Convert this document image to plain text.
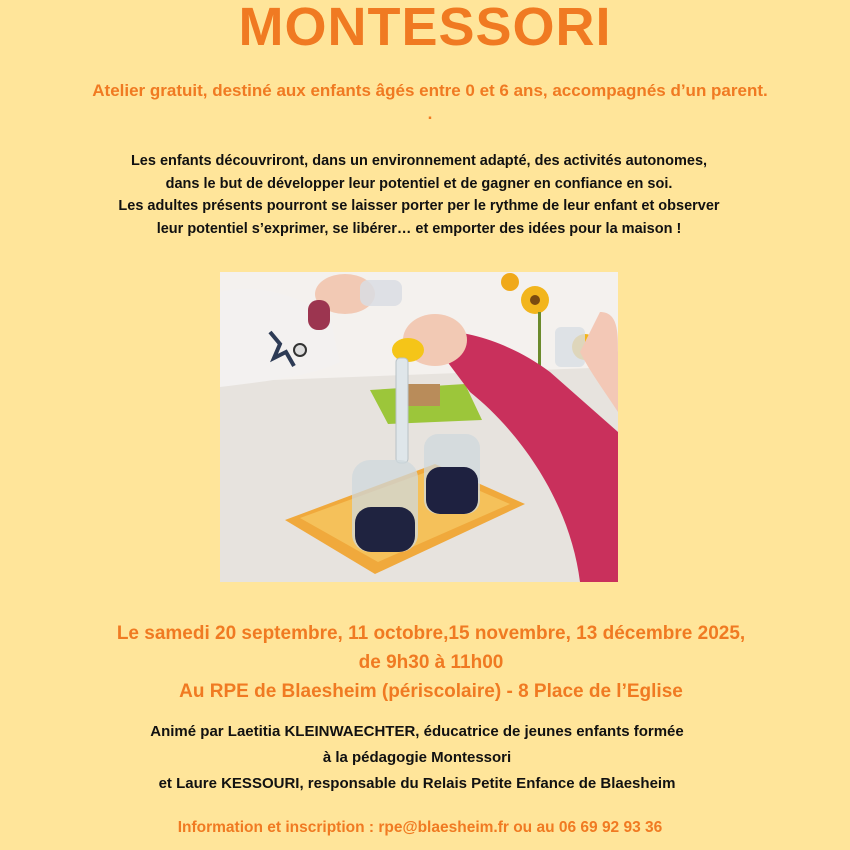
MONTESSORI
Atelier gratuit, destiné aux enfants âgés entre 0 et 6 ans, accompagnés d’un parent.
.
Les enfants découvriront, dans un environnement adapté, des activités autonomes,
dans le but de développer leur potentiel et de gagner en confiance en soi.
Les adultes présents pourront se laisser porter per le rythme de leur enfant et observer
leur potentiel s’exprimer, se libérer… et emporter des idées pour la maison !
Le samedi 20 septembre, 11 octobre,15 novembre, 13 décembre 2025,
de 9h30 à 11h00
Au RPE de Blaesheim (périscolaire) - 8 Place de l’Eglise
Animé par Laetitia KLEINWAECHTER, éducatrice de jeunes enfants formée
à la pédagogie Montessori
et Laure KESSOURI, responsable du Relais Petite Enfance de Blaesheim
Information et inscription : rpe@blaesheim.fr ou au 06 69 92 93 36
